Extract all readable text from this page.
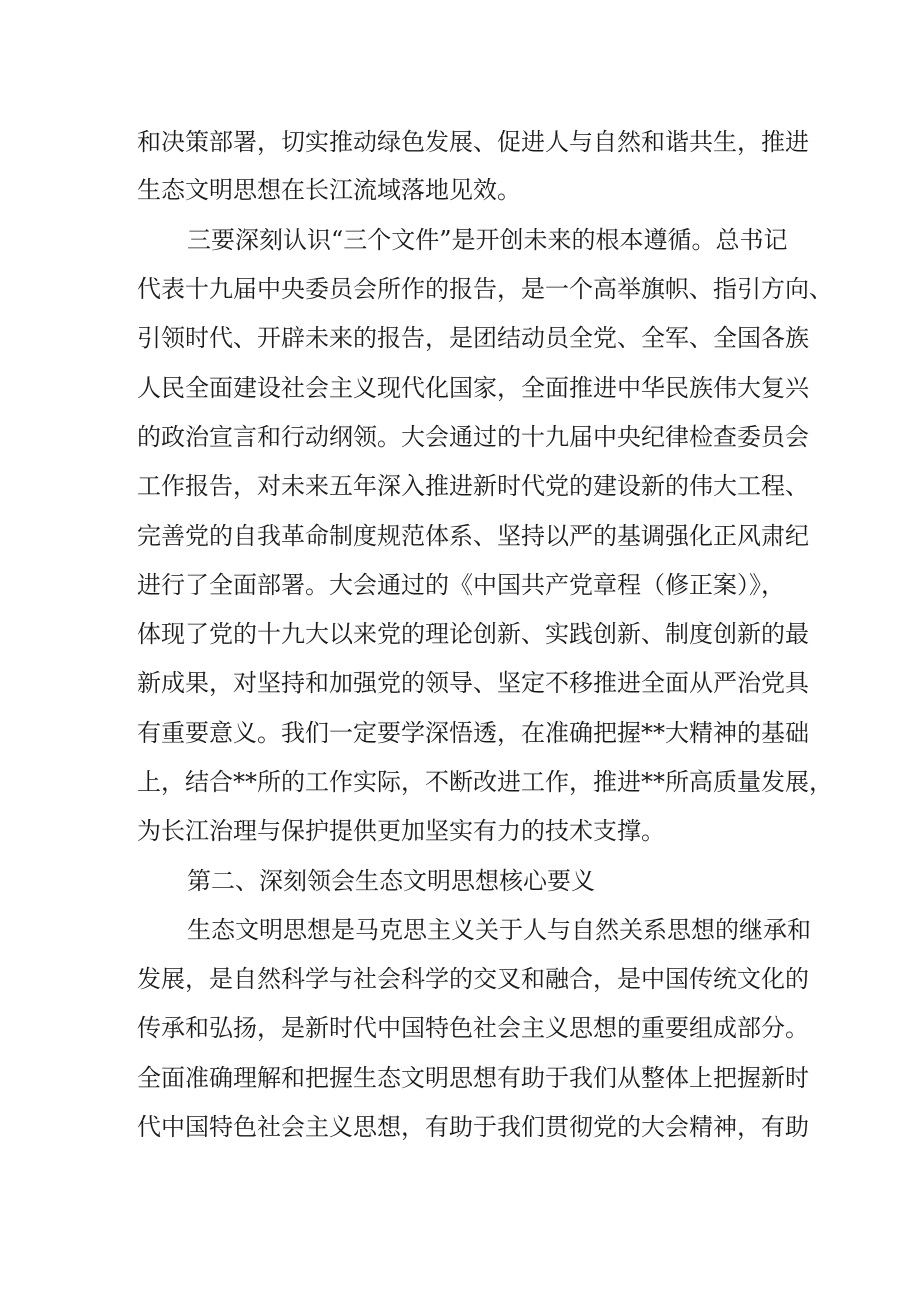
和决策部署，切实推动绿色发展、促进人与自然和谐共生，推进

生态文明思想在长江流域落地见效。

三要深刻认识“三个文件”是开创未来的根本遵循。总书记

代表十九届中央委员会所作的报告，是一个高举旗帜、指引方向、

引领时代、开辟未来的报告，是团结动员全党、全军、全国各族

人民全面建设社会主义现代化国家，全面推进中华民族伟大复兴

的政治宣言和行动纲领。大会通过的十九届中央纪律检查委员会

工作报告，对未来五年深入推进新时代党的建设新的伟大工程、

完善党的自我革命制度规范体系、坚持以严的基调强化正风肃纪

进行了全面部署。大会通过的《中国共产党章程（修正案）》，

体现了党的十九大以来党的理论创新、实践创新、制度创新的最

新成果，对坚持和加强党的领导、坚定不移推进全面从严治党具

有重要意义。我们一定要学深悟透，在准确把握**大精神的基础

上，结合**所的工作实际，不断改进工作，推进**所高质量发展，

为长江治理与保护提供更加坚实有力的技术支撑。

第二、深刻领会生态文明思想核心要义

生态文明思想是马克思主义关于人与自然关系思想的继承和

发展，是自然科学与社会科学的交叉和融合，是中国传统文化的

传承和弘扬，是新时代中国特色社会主义思想的重要组成部分。

全面准确理解和把握生态文明思想有助于我们从整体上把握新时

代中国特色社会主义思想，有助于我们贯彻党的大会精神，有助
